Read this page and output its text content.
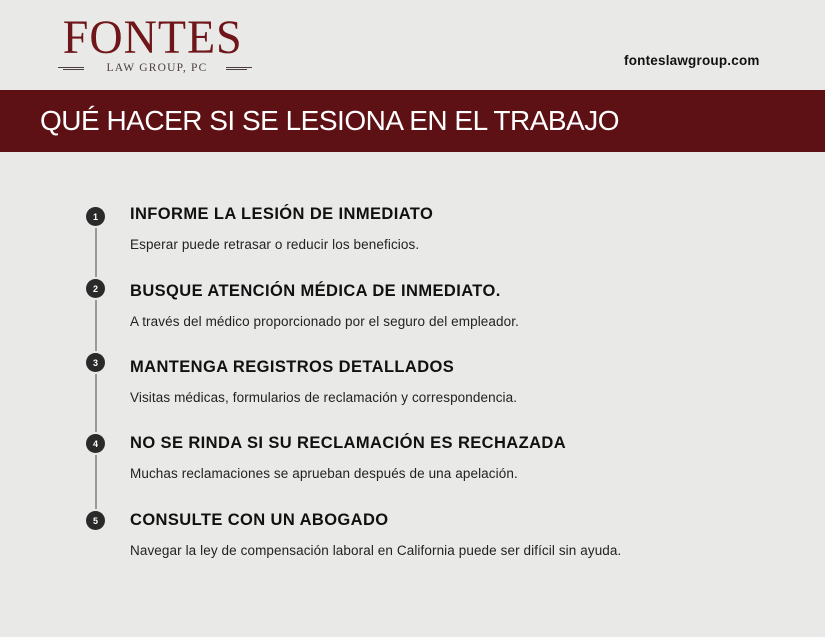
FONTES
LAW GROUP, PC	fonteslawgroup.com
QUÉ HACER SI SE LESIONA EN EL TRABAJO
1	INFORME LA LESIÓN DE INMEDIATO
Esperar puede retrasar o reducir los beneficios.
2	BUSQUE ATENCIÓN MÉDICA DE INMEDIATO.
A través del médico proporcionado por el seguro del empleador.
3	MANTENGA REGISTROS DETALLADOS
Visitas médicas, formularios de reclamación y correspondencia.
4	NO SE RINDA SI SU RECLAMACIÓN ES RECHAZADA
Muchas reclamaciones se aprueban después de una apelación.
5	CONSULTE CON UN ABOGADO
Navegar la ley de compensación laboral en California puede ser difícil sin ayuda.
